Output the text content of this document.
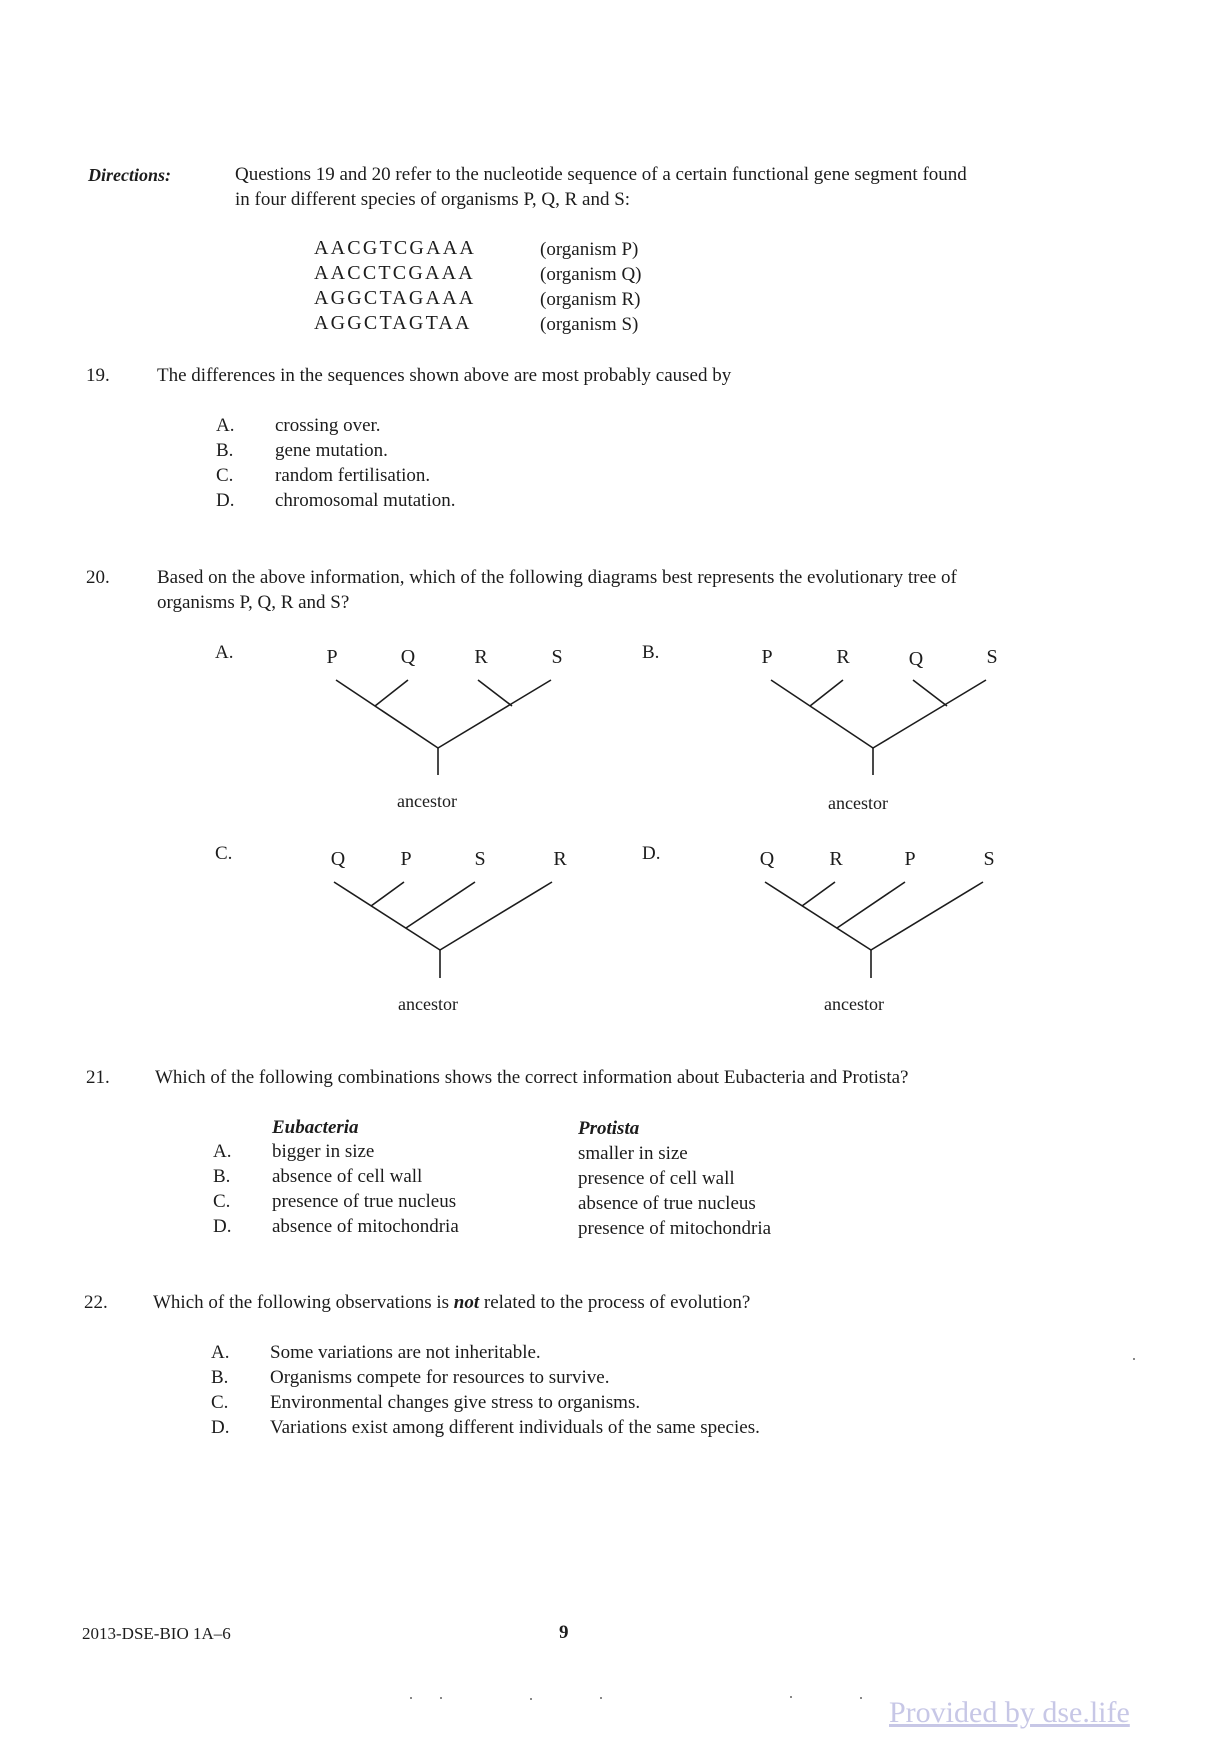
Directions:	Questions 19 and 20 refer to the nucleotide sequence of a certain functional gene segment found
in four different species of organisms P, Q, R and S:
AACGTCGAAA	(organism P)
AACCTCGAAA	(organism Q)
AGGCTAGAAA	(organism R)
AGGCTAGTAA	(organism S)
19. The differences in the sequences shown above are most probably caused by
A. crossing over.
B. gene mutation.
C. random fertilisation.
D. chromosomal mutation.
20. Based on the above information, which of the following diagrams best represents the evolutionary tree of
organisms P, Q, R and S?
A.	P	Q	R	S
ancestor
B.	P	R	Q	S
ancestor
C.	Q	P	S	R
ancestor
D.	Q	R	P	S
ancestor
21. Which of the following combinations shows the correct information about Eubacteria and Protista?
Eubacteria	Protista
A. bigger in size	smaller in size
B. absence of cell wall	presence of cell wall
C. presence of true nucleus	absence of true nucleus
D. absence of mitochondria	presence of mitochondria
22. Which of the following observations is not related to the process of evolution?
A. Some variations are not inheritable.
B. Organisms compete for resources to survive.
C. Environmental changes give stress to organisms.
D. Variations exist among different individuals of the same species.
2013-DSE-BIO 1A–6	9
Provided by dse.life
